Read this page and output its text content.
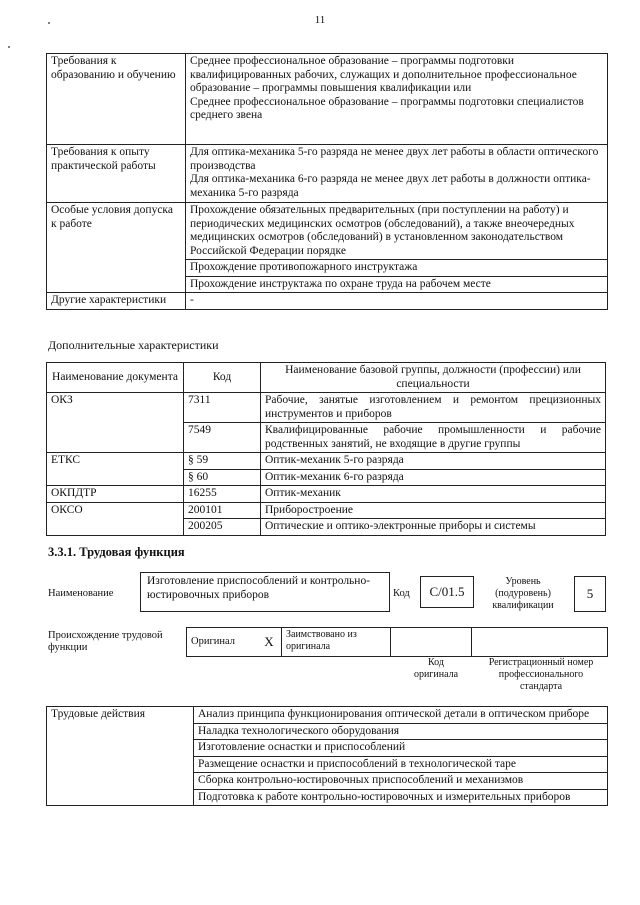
11
Требования к образованию и обучению	Среднее профессиональное образование – программы подготовки квалифицированных рабочих, служащих и дополнительное профессиональное образование – программы повышения квалификации или
Среднее профессиональное образование – программы подготовки специалистов среднего звена

Требования к опыту практической работы	Для оптика-механика 5-го разряда не менее двух лет работы в области оптического производства
Для оптика-механика 6-го разряда не менее двух лет работы в должности оптика-механика 5-го разряда

Особые условия допуска к работе	Прохождение обязательных предварительных (при поступлении на работу) и периодических медицинских осмотров (обследований), а также внеочередных медицинских осмотров (обследований) в установленном законодательством Российской Федерации порядке
	Прохождение противопожарного инструктажа
	Прохождение инструктажа по охране труда на рабочем месте
Другие характеристики	-
Дополнительные характеристики
Наименование документа	Код	Наименование базовой группы, должности (профессии) или специальности
ОКЗ	7311	Рабочие, занятые изготовлением и ремонтом прецизионных инструментов и приборов
	7549	Квалифицированные рабочие промышленности и рабочие родственных занятий, не входящие в другие группы
ЕТКС	§ 59	Оптик-механик 5-го разряда
	§ 60	Оптик-механик 6-го разряда
ОКПДТР	16255	Оптик-механик
ОКСО	200101	Приборостроение
	200205	Оптические и оптико-электронные приборы и системы
3.3.1. Трудовая функция
Наименование
Изготовление приспособлений и контрольно-юстировочных приборов	Код	C/01.5
Уровень (подуровень) квалификации
5
Происхождение трудовой функции
Оригинал	X	Заимствовано из оригинала		
Код оригинала
Регистрационный номер профессионального стандарта
Трудовые действия	Анализ принципа функционирования оптической детали в оптическом приборе
Наладка технологического оборудования
Изготовление оснастки и приспособлений
Размещение оснастки и приспособлений в технологической таре
Сборка контрольно-юстировочных приспособлений и механизмов
Подготовка к работе контрольно-юстировочных и измерительных приборов
